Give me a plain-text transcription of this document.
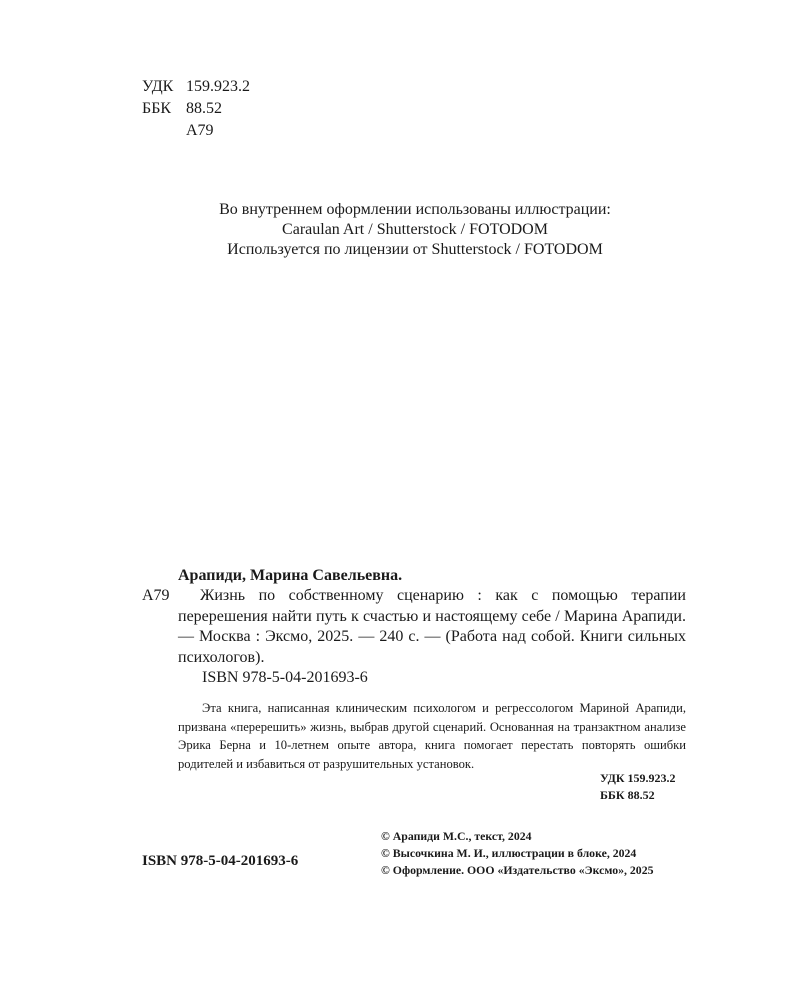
УДК 159.923.2
ББК 88.52
А79
Во внутреннем оформлении использованы иллюстрации:
Caraulan Art / Shutterstock / FOTODOM
Используется по лицензии от Shutterstock / FOTODOM
Арапиди, Марина Савельевна.
А79	Жизнь по собственному сценарию : как с помощью терапии перерешения найти путь к счастью и настоящему себе / Марина Арапиди. — Москва : Эксмо, 2025. — 240 с. — (Работа над собой. Книги сильных психологов).
ISBN 978-5-04-201693-6
Эта книга, написанная клиническим психологом и регрессологом Мариной Арапиди, призвана «перерешить» жизнь, выбрав другой сценарий. Основанная на транзактном анализе Эрика Берна и 10-летнем опыте автора, книга помогает перестать повторять ошибки родителей и избавиться от разрушительных установок.
УДК 159.923.2
ББК 88.52
© Арапиди М.С., текст, 2024
© Высочкина М. И., иллюстрации в блоке, 2024
© Оформление. ООО «Издательство «Эксмо», 2025
ISBN 978-5-04-201693-6
